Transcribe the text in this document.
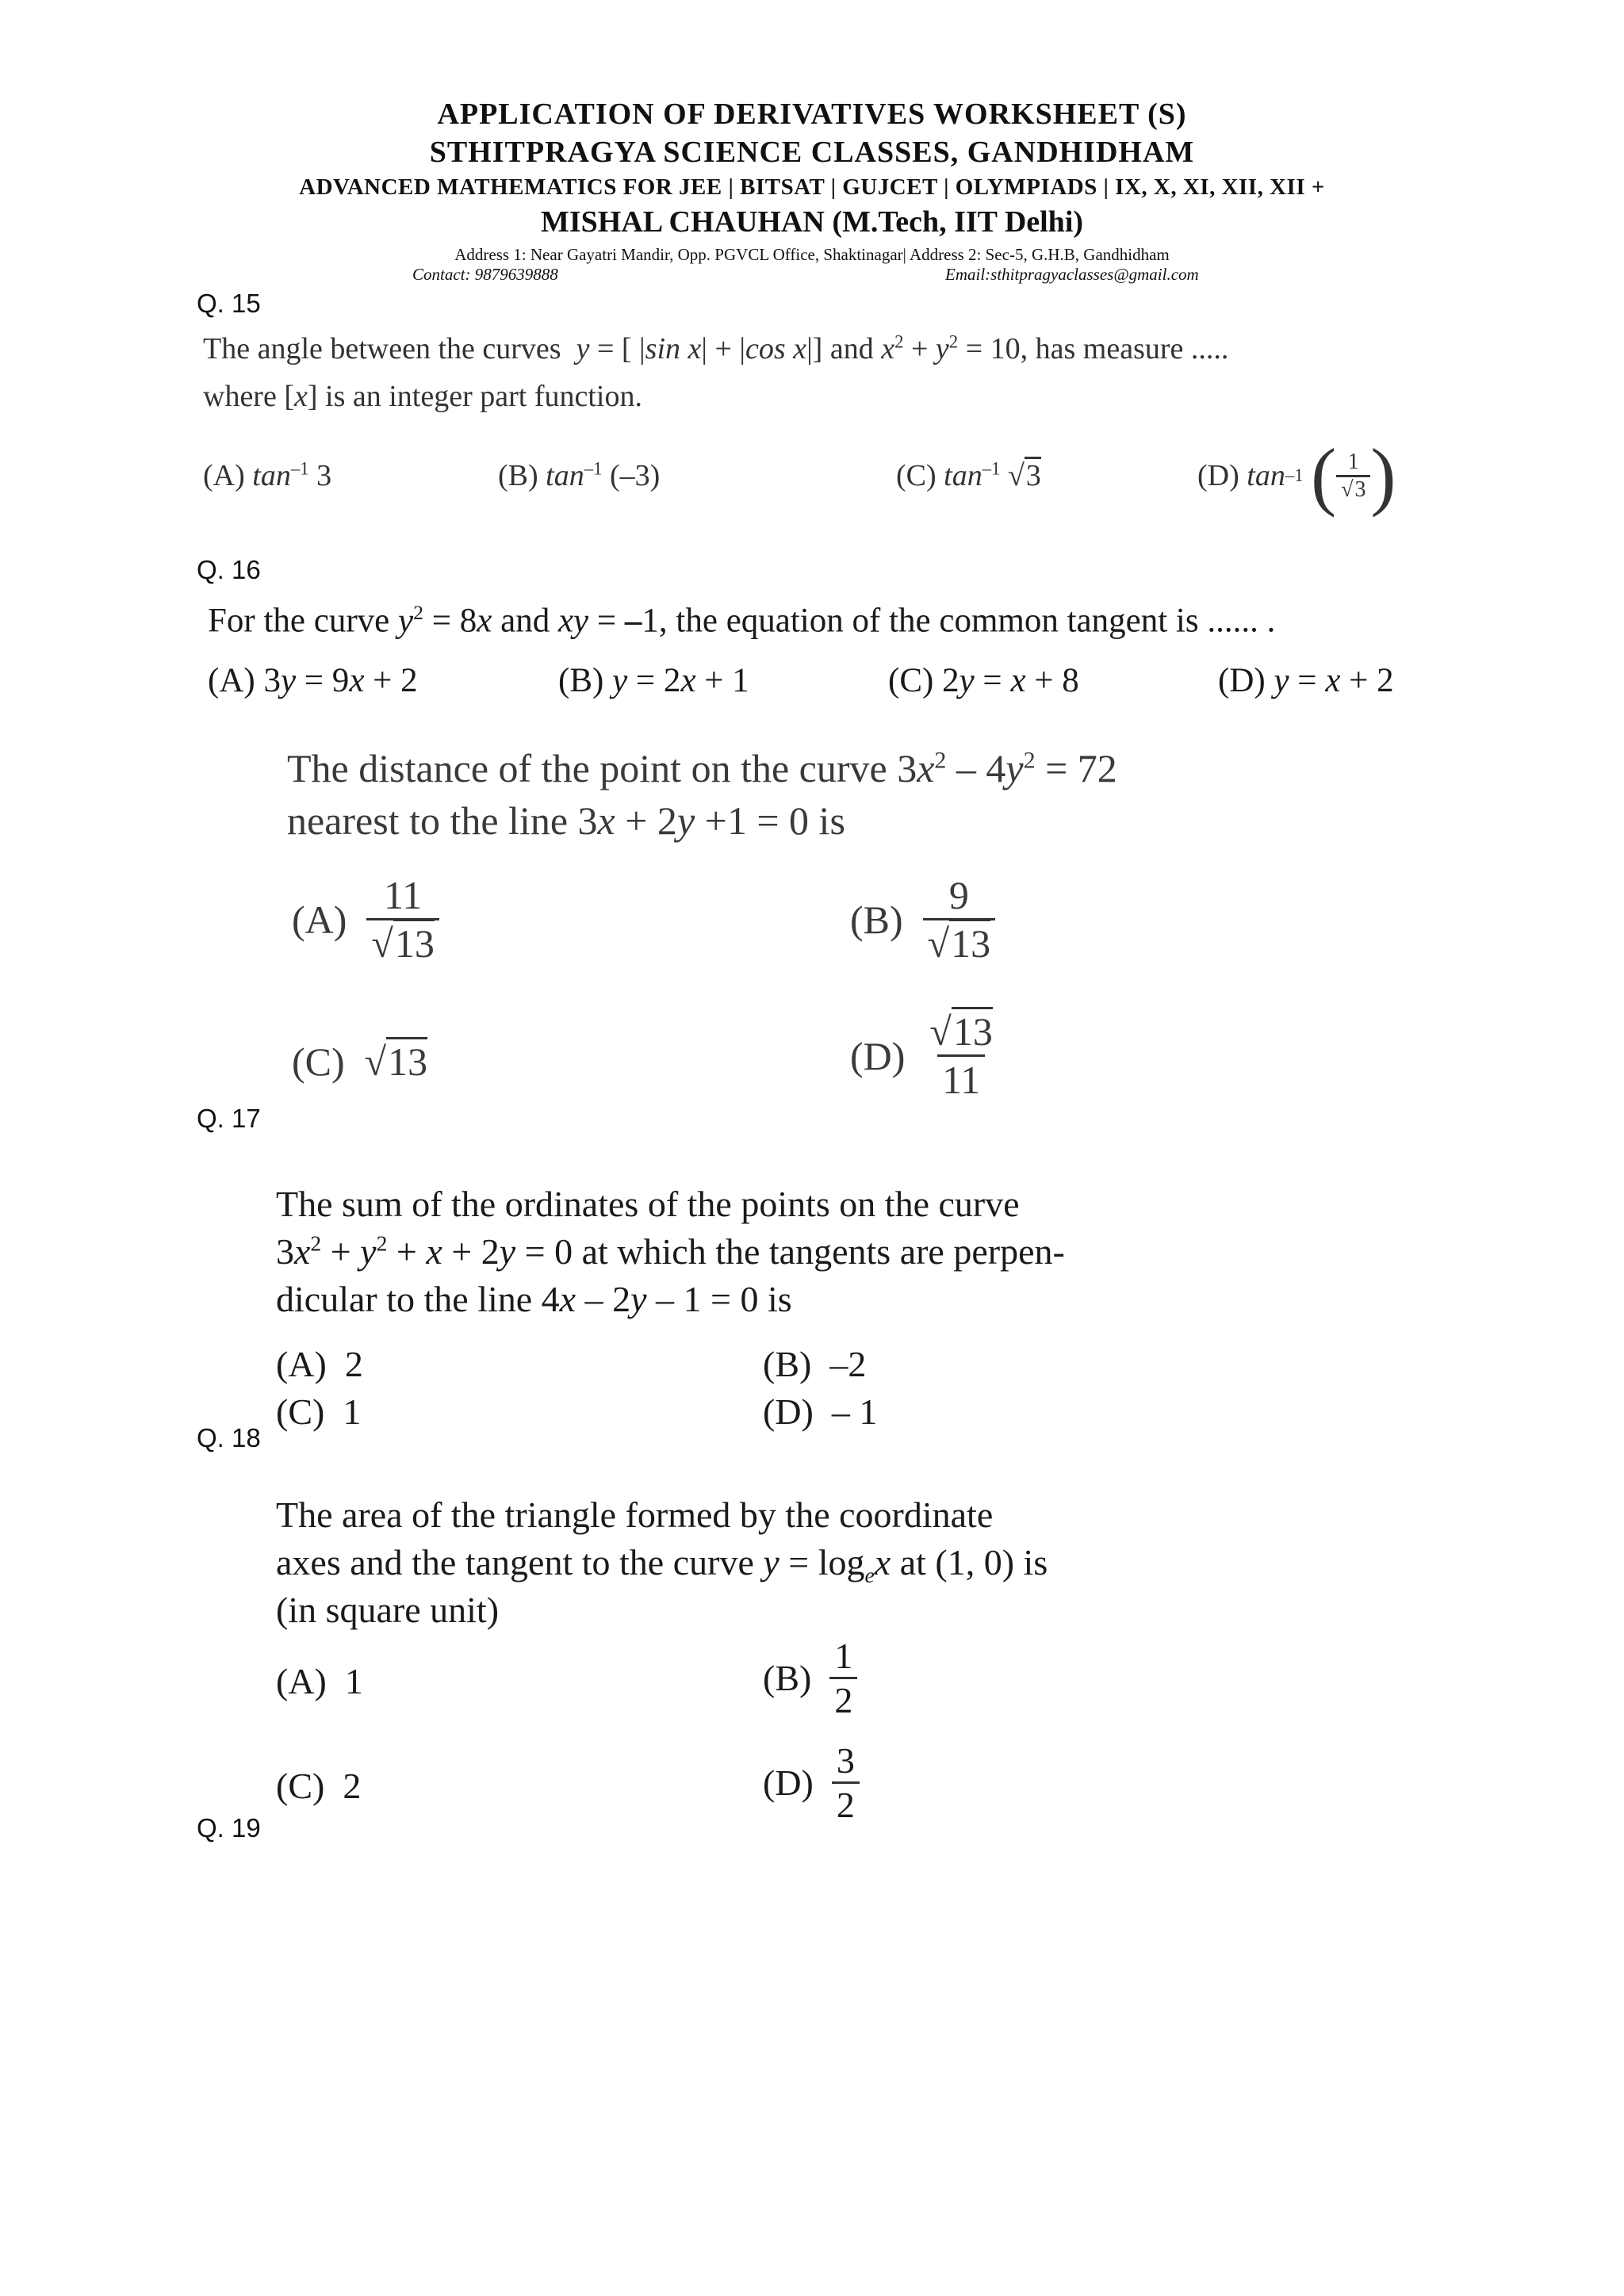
APPLICATION OF DERIVATIVES WORKSHEET (S)
STHITPRAGYA SCIENCE CLASSES, GANDHIDHAM
ADVANCED MATHEMATICS FOR JEE | BITSAT | GUJCET | OLYMPIADS | IX, X, XI, XII, XII +
MISHAL CHAUHAN (M.Tech, IIT Delhi)
Address 1: Near Gayatri Mandir, Opp. PGVCL Office, Shaktinagar| Address 2: Sec-5, G.H.B, Gandhidham
Contact: 9879639888	Email:sthitpragyaclasses@gmail.com
Q. 15
Q. 16
Q. 17
Q. 18
Q. 19
The angle between the curves y = [ |sin x| + |cos x|] and $x^2 + y^2 = 10$, has measure .....
where [x] is an integer part function.
(A) $\tan^{-1} 3$	(B) $\tan^{-1} (-3)$	(C) $\tan^{-1} √3$	(D)
tan –1
( $\frac{1}{√3}$ )
For the curve $y^2 = 8x$ and xy = –1, the equation of the common tangent is ...... .
(A) 3y = 9x + 2	(B) y = 2x + 1	(C) 2y = x + 8	(D) y = x + 2
The distance of the point on the curve $3x^2 - 4y^2 = 72$
nearest to the line 3x + 2y +1 = 0 is
(A)
$\frac{11}{√13}$	(B)
$\frac{9}{√13}$
(C)  √13	(D)
$\frac{√13}{11}$
The sum of the ordinates of the points on the curve
$3x^2 + y^2 + x + 2y = 0$ at which the tangents are perpen-
dicular to the line 4x – 2y – 1 = 0 is
(A) 2	(B) –2
(C) 1	(D) – 1
The area of the triangle formed by the coordinate
axes and the tangent to the curve $y = \log_ex$ at (1, 0) is
(in square unit)
(A) 1	(B)
$\frac{1}{2}$
(C) 2	(D)
$\frac{3}{2}$
